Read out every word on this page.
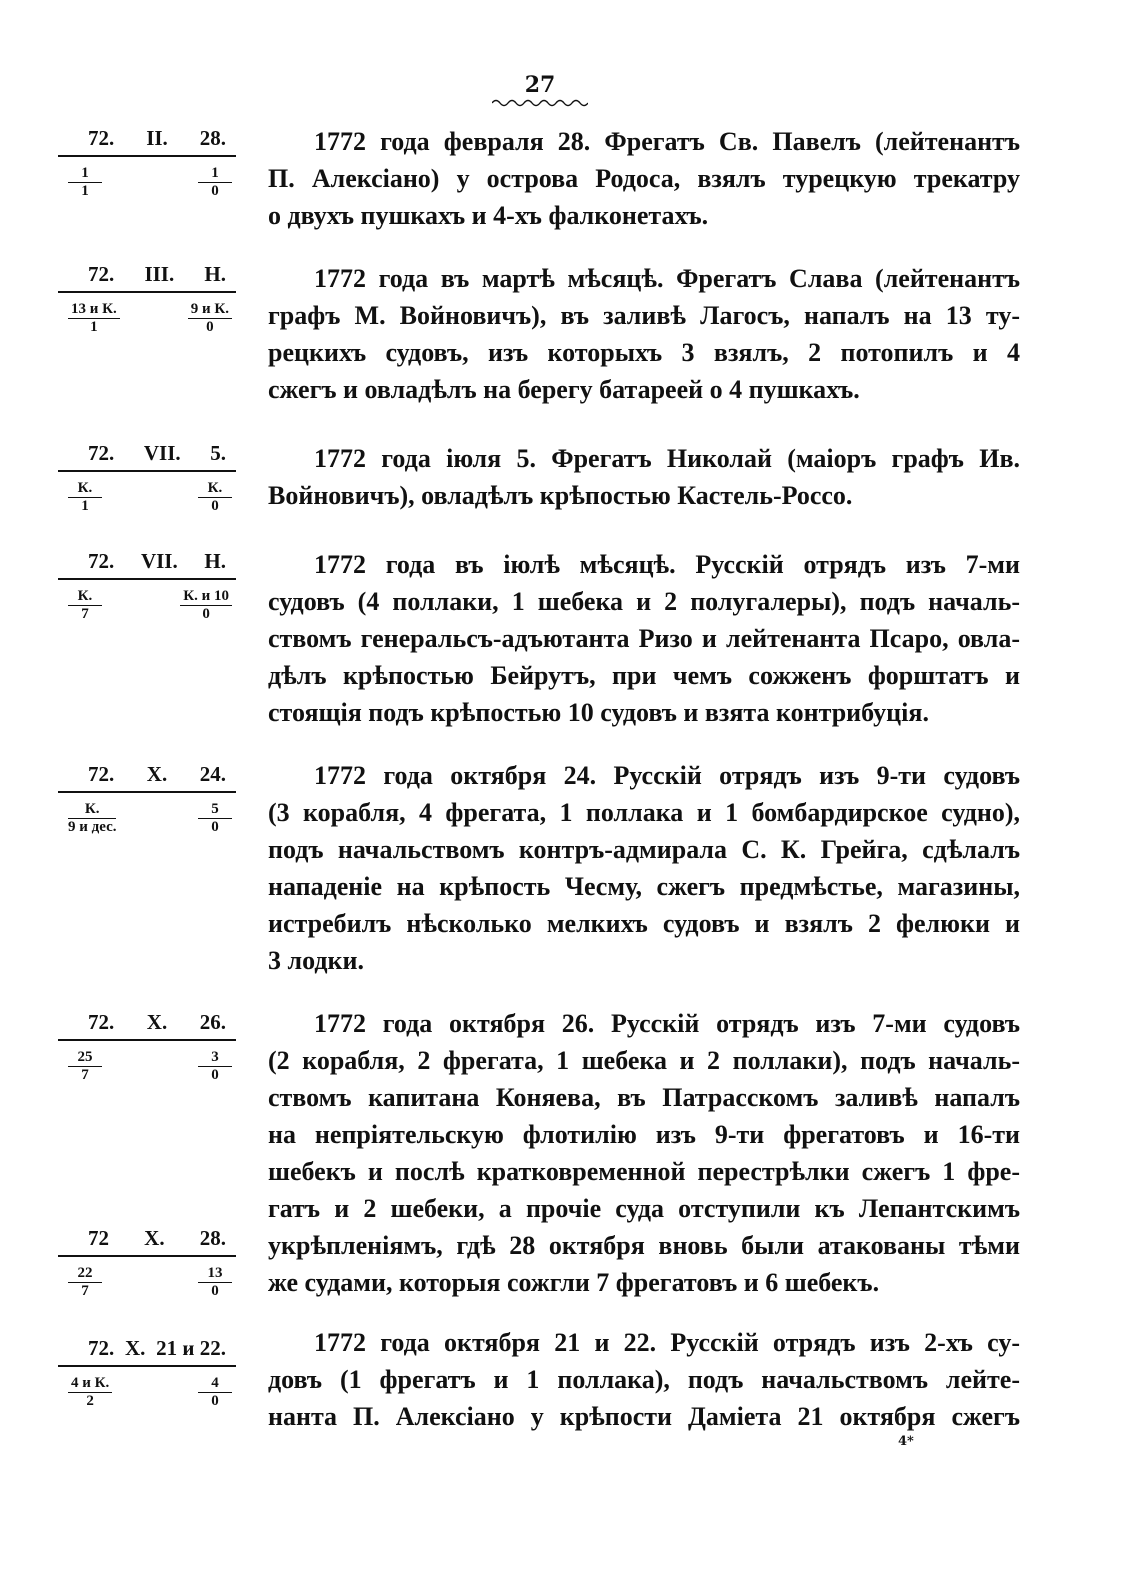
27
72. II. 28.
$\frac{1}{1}$	$\frac{1}{0}$
1772 года февраля 28. Фрегатъ Св. Павелъ (лейтенантъ
П. Алексіано) у острова Родоса, взялъ турецкую трекатру
о двухъ пушкахъ и 4-хъ фалконетахъ.
72. III. Н.
$\frac{\text{13 и К.}}{1}$	$\frac{\text{9 и К.}}{0}$
1772 года въ мартѣ мѣсяцѣ. Фрегатъ Слава (лейтенантъ
графъ М. Войновичъ), въ заливѣ Лагосъ, напалъ на 13 ту-
рецкихъ судовъ, изъ которыхъ 3 взялъ, 2 потопилъ и 4
сжегъ и овладѣлъ на берегу батареей о 4 пушкахъ.
72. VII. 5.
$\frac{К.}{1}$	$\frac{К.}{0}$
1772 года іюля 5. Фрегатъ Николай (маіоръ графъ Ив.
Войновичъ), овладѣлъ крѣпостью Кастель-Россо.
72. VII. Н.
$\frac{К.}{7}$	$\frac{К. и 10}{0}$
1772 года въ іюлѣ мѣсяцѣ. Русскій отрядъ изъ 7-ми
судовъ (4 поллаки, 1 шебека и 2 полугалеры), подъ началь-
ствомъ генеральсъ-адъютанта Ризо и лейтенанта Псаро, овла-
дѣлъ крѣпостью Бейрутъ, при чемъ сожженъ форштатъ и
стоящія подъ крѣпостью 10 судовъ и взята контрибуція.
72. X. 24.
$\frac{К.}{\text{9 и дес.}}$	$\frac{5}{0}$
1772 года октября 24. Русскій отрядъ изъ 9-ти судовъ
(3 корабля, 4 фрегата, 1 поллака и 1 бомбардирское судно),
подъ начальствомъ контръ-адмирала С. К. Грейга, сдѣлалъ
нападеніе на крѣпость Чесму, сжегъ предмѣстье, магазины,
истребилъ нѣсколько мелкихъ судовъ и взялъ 2 фелюки и
3 лодки.
72. X. 26.
$\frac{25}{7}$	$\frac{3}{0}$
1772 года октября 26. Русскій отрядъ изъ 7-ми судовъ
(2 корабля, 2 фрегата, 1 шебека и 2 поллаки), подъ началь-
ствомъ капитана Коняева, въ Патрасскомъ заливѣ напалъ
на непріятельскую флотилію изъ 9-ти фрегатовъ и 16-ти
шебекъ и послѣ кратковременной перестрѣлки сжегъ 1 фре-
гатъ и 2 шебеки, а прочіе суда отступили къ Лепантскимъ
укрѣпленіямъ, гдѣ 28 октября вновь были атакованы тѣми
же судами, которыя сожгли 7 фрегатовъ и 6 шебекъ.
72 X. 28.
$\frac{22}{7}$	$\frac{13}{0}$
72. X. 21 и 22.
$\frac{\text{4 и К.}}{2}$	$\frac{4}{0}$
1772 года октября 21 и 22. Русскій отрядъ изъ 2-хъ су-
довъ (1 фрегатъ и 1 поллака), подъ начальствомъ лейте-
нанта П. Алексіано у крѣпости Даміета 21 октября сжегъ
4*
